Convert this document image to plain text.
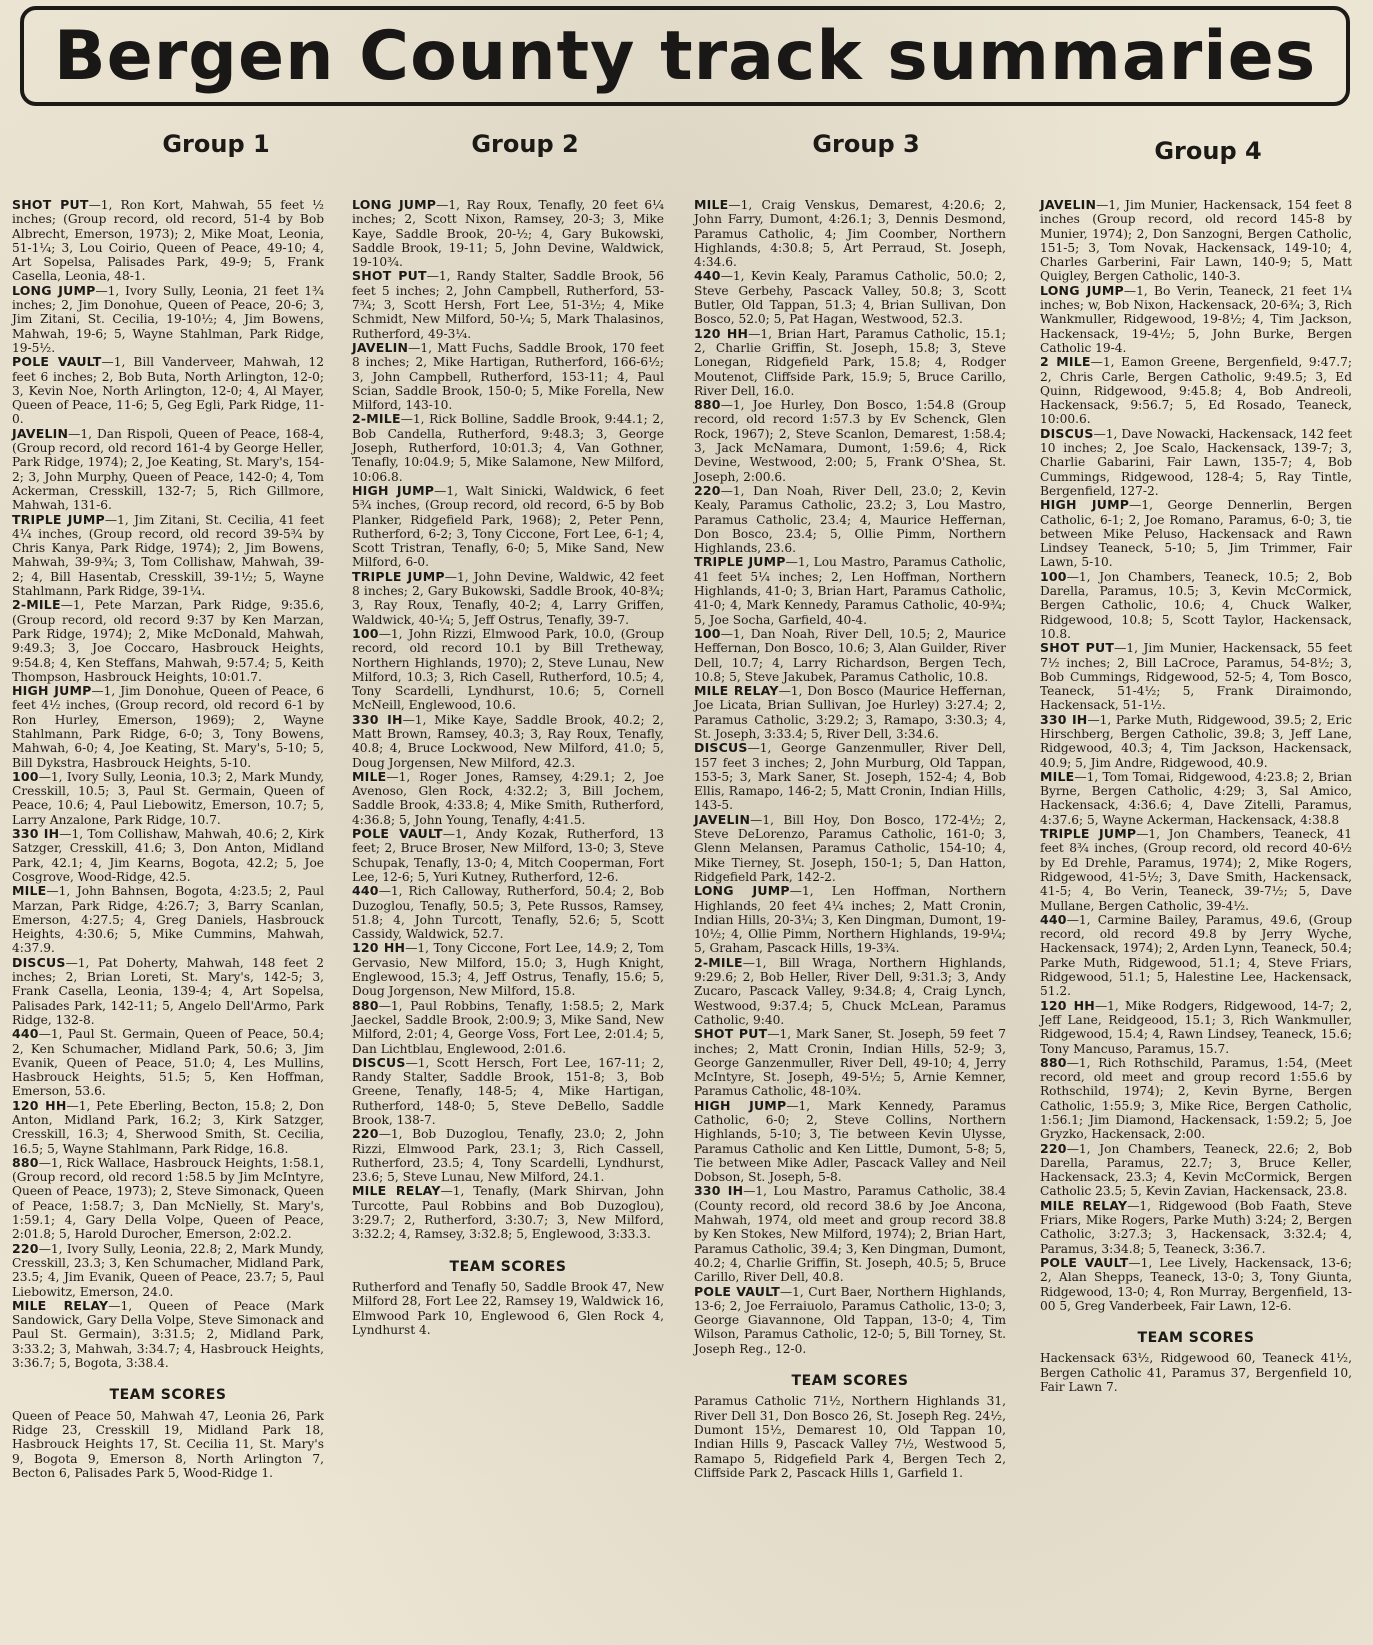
Bergen County track summaries
Group 1	Group 2	Group 3	Group 4

SHOT PUT—1, Ron Kort, Mahwah, 55 feet ½ inches; (Group record, old record, 51-4 by Bob Albrecht, Emerson, 1973); 2, Mike Moat, Leonia, 51-1¼; 3, Lou Coirio, Queen of Peace, 49-10; 4, Art Sopelsa, Palisades Park, 49-9; 5, Frank Casella, Leonia, 48-1.

LONG JUMP—1, Ivory Sully, Leonia, 21 feet 1¾ inches; 2, Jim Donohue, Queen of Peace, 20-6; 3, Jim Zitani, St. Cecilia, 19-10½; 4, Jim Bowens, Mahwah, 19-6; 5, Wayne Stahlman, Park Ridge, 19-5½.

POLE VAULT—1, Bill Vanderveer, Mahwah, 12 feet 6 inches; 2, Bob Buta, North Arlington, 12-0; 3, Kevin Noe, North Arlington, 12-0; 4, Al Mayer, Queen of Peace, 11-6; 5, Geg Egli, Park Ridge, 11-0.

JAVELIN—1, Dan Rispoli, Queen of Peace, 168-4, (Group record, old record 161-4 by George Heller, Park Ridge, 1974); 2, Joe Keating, St. Mary's, 154-2; 3, John Murphy, Queen of Peace, 142-0; 4, Tom Ackerman, Cresskill, 132-7; 5, Rich Gillmore, Mahwah, 131-6.

TRIPLE JUMP—1, Jim Zitani, St. Cecilia, 41 feet 4¼ inches, (Group record, old record 39-5¾ by Chris Kanya, Park Ridge, 1974); 2, Jim Bowens, Mahwah, 39-9¾; 3, Tom Collishaw, Mahwah, 39-2; 4, Bill Hasentab, Cresskill, 39-1½; 5, Wayne Stahlmann, Park Ridge, 39-1¼.

2-MILE—1, Pete Marzan, Park Ridge, 9:35.6, (Group record, old record 9:37 by Ken Marzan, Park Ridge, 1974); 2, Mike McDonald, Mahwah, 9:49.3; 3, Joe Coccaro, Hasbrouck Heights, 9:54.8; 4, Ken Steffans, Mahwah, 9:57.4; 5, Keith Thompson, Hasbrouck Heights, 10:01.7.

HIGH JUMP—1, Jim Donohue, Queen of Peace, 6 feet 4½ inches, (Group record, old record 6-1 by Ron Hurley, Emerson, 1969); 2, Wayne Stahlmann, Park Ridge, 6-0; 3, Tony Bowens, Mahwah, 6-0; 4, Joe Keating, St. Mary's, 5-10; 5, Bill Dykstra, Hasbrouck Heights, 5-10.

100—1, Ivory Sully, Leonia, 10.3; 2, Mark Mundy, Cresskill, 10.5; 3, Paul St. Germain, Queen of Peace, 10.6; 4, Paul Liebowitz, Emerson, 10.7; 5, Larry Anzalone, Park Ridge, 10.7.

330 IH—1, Tom Collishaw, Mahwah, 40.6; 2, Kirk Satzger, Cresskill, 41.6; 3, Don Anton, Midland Park, 42.1; 4, Jim Kearns, Bogota, 42.2; 5, Joe Cosgrove, Wood-Ridge, 42.5.

MILE—1, John Bahnsen, Bogota, 4:23.5; 2, Paul Marzan, Park Ridge, 4:26.7; 3, Barry Scanlan, Emerson, 4:27.5; 4, Greg Daniels, Hasbrouck Heights, 4:30.6; 5, Mike Cummins, Mahwah, 4:37.9.

DISCUS—1, Pat Doherty, Mahwah, 148 feet 2 inches; 2, Brian Loreti, St. Mary's, 142-5; 3, Frank Casella, Leonia, 139-4; 4, Art Sopelsa, Palisades Park, 142-11; 5, Angelo Dell'Armo, Park Ridge, 132-8.

440—1, Paul St. Germain, Queen of Peace, 50.4; 2, Ken Schumacher, Midland Park, 50.6; 3, Jim Evanik, Queen of Peace, 51.0; 4, Les Mullins, Hasbrouck Heights, 51.5; 5, Ken Hoffman, Emerson, 53.6.

120 HH—1, Pete Eberling, Becton, 15.8; 2, Don Anton, Midland Park, 16.2; 3, Kirk Satzger, Cresskill, 16.3; 4, Sherwood Smith, St. Cecilia, 16.5; 5, Wayne Stahlmann, Park Ridge, 16.8.

880—1, Rick Wallace, Hasbrouck Heights, 1:58.1, (Group record, old record 1:58.5 by Jim McIntyre, Queen of Peace, 1973); 2, Steve Simonack, Queen of Peace, 1:58.7; 3, Dan McNielly, St. Mary's, 1:59.1; 4, Gary Della Volpe, Queen of Peace, 2:01.8; 5, Harold Durocher, Emerson, 2:02.2.

220—1, Ivory Sully, Leonia, 22.8; 2, Mark Mundy, Cresskill, 23.3; 3, Ken Schumacher, Midland Park, 23.5; 4, Jim Evanik, Queen of Peace, 23.7; 5, Paul Liebowitz, Emerson, 24.0.

MILE RELAY—1, Queen of Peace (Mark Sandowick, Gary Della Volpe, Steve Simonack and Paul St. Germain), 3:31.5; 2, Midland Park, 3:33.2; 3, Mahwah, 3:34.7; 4, Hasbrouck Heights, 3:36.7; 5, Bogota, 3:38.4.

TEAM SCORES

Queen of Peace 50, Mahwah 47, Leonia 26, Park Ridge 23, Cresskill 19, Midland Park 18, Hasbrouck Heights 17, St. Cecilia 11, St. Mary's 9, Bogota 9, Emerson 8, North Arlington 7, Becton 6, Palisades Park 5, Wood-Ridge 1.

LONG JUMP—1, Ray Roux, Tenafly, 20 feet 6¼ inches; 2, Scott Nixon, Ramsey, 20-3; 3, Mike Kaye, Saddle Brook, 20-½; 4, Gary Bukowski, Saddle Brook, 19-11; 5, John Devine, Waldwick, 19-10¾.

SHOT PUT—1, Randy Stalter, Saddle Brook, 56 feet 5 inches; 2, John Campbell, Rutherford, 53-7¾; 3, Scott Hersh, Fort Lee, 51-3½; 4, Mike Schmidt, New Milford, 50-¼; 5, Mark Thalasinos, Rutherford, 49-3¼.

JAVELIN—1, Matt Fuchs, Saddle Brook, 170 feet 8 inches; 2, Mike Hartigan, Rutherford, 166-6½; 3, John Campbell, Rutherford, 153-11; 4, Paul Scian, Saddle Brook, 150-0; 5, Mike Forella, New Milford, 143-10.

2-MILE—1, Rick Bolline, Saddle Brook, 9:44.1; 2, Bob Candella, Rutherford, 9:48.3; 3, George Joseph, Rutherford, 10:01.3; 4, Van Gothner, Tenafly, 10:04.9; 5, Mike Salamone, New Milford, 10:06.8.

HIGH JUMP—1, Walt Sinicki, Waldwick, 6 feet 5¾ inches, (Group record, old record, 6-5 by Bob Planker, Ridgefield Park, 1968); 2, Peter Penn, Rutherford, 6-2; 3, Tony Ciccone, Fort Lee, 6-1; 4, Scott Tristran, Tenafly, 6-0; 5, Mike Sand, New Milford, 6-0.

TRIPLE JUMP—1, John Devine, Waldwic, 42 feet 8 inches; 2, Gary Bukowski, Saddle Brook, 40-8¾; 3, Ray Roux, Tenafly, 40-2; 4, Larry Griffen, Waldwick, 40-¼; 5, Jeff Ostrus, Tenafly, 39-7.

100—1, John Rizzi, Elmwood Park, 10.0, (Group record, old record 10.1 by Bill Tretheway, Northern Highlands, 1970); 2, Steve Lunau, New Milford, 10.3; 3, Rich Casell, Rutherford, 10.5; 4, Tony Scardelli, Lyndhurst, 10.6; 5, Cornell McNeill, Englewood, 10.6.

330 IH—1, Mike Kaye, Saddle Brook, 40.2; 2, Matt Brown, Ramsey, 40.3; 3, Ray Roux, Tenafly, 40.8; 4, Bruce Lockwood, New Milford, 41.0; 5, Doug Jorgensen, New Milford, 42.3.

MILE—1, Roger Jones, Ramsey, 4:29.1; 2, Joe Avenoso, Glen Rock, 4:32.2; 3, Bill Jochem, Saddle Brook, 4:33.8; 4, Mike Smith, Rutherford, 4:36.8; 5, John Young, Tenafly, 4:41.5.

POLE VAULT—1, Andy Kozak, Rutherford, 13 feet; 2, Bruce Broser, New Milford, 13-0; 3, Steve Schupak, Tenafly, 13-0; 4, Mitch Cooperman, Fort Lee, 12-6; 5, Yuri Kutney, Rutherford, 12-6.

440—1, Rich Calloway, Rutherford, 50.4; 2, Bob Duzoglou, Tenafly, 50.5; 3, Pete Russos, Ramsey, 51.8; 4, John Turcott, Tenafly, 52.6; 5, Scott Cassidy, Waldwick, 52.7.

120 HH—1, Tony Ciccone, Fort Lee, 14.9; 2, Tom Gervasio, New Milford, 15.0; 3, Hugh Knight, Englewood, 15.3; 4, Jeff Ostrus, Tenafly, 15.6; 5, Doug Jorgenson, New Milford, 15.8.

880—1, Paul Robbins, Tenafly, 1:58.5; 2, Mark Jaeckel, Saddle Brook, 2:00.9; 3, Mike Sand, New Milford, 2:01; 4, George Voss, Fort Lee, 2:01.4; 5, Dan Lichtblau, Englewood, 2:01.6.

DISCUS—1, Scott Hersch, Fort Lee, 167-11; 2, Randy Stalter, Saddle Brook, 151-8; 3, Bob Greene, Tenafly, 148-5; 4, Mike Hartigan, Rutherford, 148-0; 5, Steve DeBello, Saddle Brook, 138-7.

220—1, Bob Duzoglou, Tenafly, 23.0; 2, John Rizzi, Elmwood Park, 23.1; 3, Rich Cassell, Rutherford, 23.5; 4, Tony Scardelli, Lyndhurst, 23.6; 5, Steve Lunau, New Milford, 24.1.

MILE RELAY—1, Tenafly, (Mark Shirvan, John Turcotte, Paul Robbins and Bob Duzoglou), 3:29.7; 2, Rutherford, 3:30.7; 3, New Milford, 3:32.2; 4, Ramsey, 3:32.8; 5, Englewood, 3:33.3.

TEAM SCORES

Rutherford and Tenafly 50, Saddle Brook 47, New Milford 28, Fort Lee 22, Ramsey 19, Waldwick 16, Elmwood Park 10, Englewood 6, Glen Rock 4, Lyndhurst 4.

MILE—1, Craig Venskus, Demarest, 4:20.6; 2, John Farry, Dumont, 4:26.1; 3, Dennis Desmond, Paramus Catholic, 4; Jim Coomber, Northern Highlands, 4:30.8; 5, Art Perraud, St. Joseph, 4:34.6.

440—1, Kevin Kealy, Paramus Catholic, 50.0; 2, Steve Gerbehy, Pascack Valley, 50.8; 3, Scott Butler, Old Tappan, 51.3; 4, Brian Sullivan, Don Bosco, 52.0; 5, Pat Hagan, Westwood, 52.3.

120 HH—1, Brian Hart, Paramus Catholic, 15.1; 2, Charlie Griffin, St. Joseph, 15.8; 3, Steve Lonegan, Ridgefield Park, 15.8; 4, Rodger Moutenot, Cliffside Park, 15.9; 5, Bruce Carillo, River Dell, 16.0.

880—1, Joe Hurley, Don Bosco, 1:54.8 (Group record, old record 1:57.3 by Ev Schenck, Glen Rock, 1967); 2, Steve Scanlon, Demarest, 1:58.4; 3, Jack McNamara, Dumont, 1:59.6; 4, Rick Devine, Westwood, 2:00; 5, Frank O'Shea, St. Joseph, 2:00.6.

220—1, Dan Noah, River Dell, 23.0; 2, Kevin Kealy, Paramus Catholic, 23.2; 3, Lou Mastro, Paramus Catholic, 23.4; 4, Maurice Heffernan, Don Bosco, 23.4; 5, Ollie Pimm, Northern Highlands, 23.6.

TRIPLE JUMP—1, Lou Mastro, Paramus Catholic, 41 feet 5¼ inches; 2, Len Hoffman, Northern Highlands, 41-0; 3, Brian Hart, Paramus Catholic, 41-0; 4, Mark Kennedy, Paramus Catholic, 40-9¾; 5, Joe Socha, Garfield, 40-4.

100—1, Dan Noah, River Dell, 10.5; 2, Maurice Heffernan, Don Bosco, 10.6; 3, Alan Guilder, River Dell, 10.7; 4, Larry Richardson, Bergen Tech, 10.8; 5, Steve Jakubek, Paramus Catholic, 10.8.

MILE RELAY—1, Don Bosco (Maurice Heffernan, Joe Licata, Brian Sullivan, Joe Hurley) 3:27.4; 2, Paramus Catholic, 3:29.2; 3, Ramapo, 3:30.3; 4, St. Joseph, 3:33.4; 5, River Dell, 3:34.6.

DISCUS—1, George Ganzenmuller, River Dell, 157 feet 3 inches; 2, John Murburg, Old Tappan, 153-5; 3, Mark Saner, St. Joseph, 152-4; 4, Bob Ellis, Ramapo, 146-2; 5, Matt Cronin, Indian Hills, 143-5.

JAVELIN—1, Bill Hoy, Don Bosco, 172-4½; 2, Steve DeLorenzo, Paramus Catholic, 161-0; 3, Glenn Melansen, Paramus Catholic, 154-10; 4, Mike Tierney, St. Joseph, 150-1; 5, Dan Hatton, Ridgefield Park, 142-2.

LONG JUMP—1, Len Hoffman, Northern Highlands, 20 feet 4¼ inches; 2, Matt Cronin, Indian Hills, 20-3¼; 3, Ken Dingman, Dumont, 19-10½; 4, Ollie Pimm, Northern Highlands, 19-9¼; 5, Graham, Pascack Hills, 19-3¾.

2-MILE—1, Bill Wraga, Northern Highlands, 9:29.6; 2, Bob Heller, River Dell, 9:31.3; 3, Andy Zucaro, Pascack Valley, 9:34.8; 4, Craig Lynch, Westwood, 9:37.4; 5, Chuck McLean, Paramus Catholic, 9:40.

SHOT PUT—1, Mark Saner, St. Joseph, 59 feet 7 inches; 2, Matt Cronin, Indian Hills, 52-9; 3, George Ganzenmuller, River Dell, 49-10; 4, Jerry McIntyre, St. Joseph, 49-5½; 5, Arnie Kemner, Paramus Catholic, 48-10¾.

HIGH JUMP—1, Mark Kennedy, Paramus Catholic, 6-0; 2, Steve Collins, Northern Highlands, 5-10; 3, Tie between Kevin Ulysse, Paramus Catholic and Ken Little, Dumont, 5-8; 5, Tie between Mike Adler, Pascack Valley and Neil Dobson, St. Joseph, 5-8.

330 IH—1, Lou Mastro, Paramus Catholic, 38.4 (County record, old record 38.6 by Joe Ancona, Mahwah, 1974, old meet and group record 38.8 by Ken Stokes, New Milford, 1974); 2, Brian Hart, Paramus Catholic, 39.4; 3, Ken Dingman, Dumont, 40.2; 4, Charlie Griffin, St. Joseph, 40.5; 5, Bruce Carillo, River Dell, 40.8.

POLE VAULT—1, Curt Baer, Northern Highlands, 13-6; 2, Joe Ferraiuolo, Paramus Catholic, 13-0; 3, George Giavannone, Old Tappan, 13-0; 4, Tim Wilson, Paramus Catholic, 12-0; 5, Bill Torney, St. Joseph Reg., 12-0.

TEAM SCORES

Paramus Catholic 71½, Northern Highlands 31, River Dell 31, Don Bosco 26, St. Joseph Reg. 24½, Dumont 15½, Demarest 10, Old Tappan 10, Indian Hills 9, Pascack Valley 7½, Westwood 5, Ramapo 5, Ridgefield Park 4, Bergen Tech 2, Cliffside Park 2, Pascack Hills 1, Garfield 1.

JAVELIN—1, Jim Munier, Hackensack, 154 feet 8 inches (Group record, old record 145-8 by Munier, 1974); 2, Don Sanzogni, Bergen Catholic, 151-5; 3, Tom Novak, Hackensack, 149-10; 4, Charles Garberini, Fair Lawn, 140-9; 5, Matt Quigley, Bergen Catholic, 140-3.

LONG JUMP—1, Bo Verin, Teaneck, 21 feet 1¼ inches; w, Bob Nixon, Hackensack, 20-6¾; 3, Rich Wankmuller, Ridgewood, 19-8½; 4, Tim Jackson, Hackensack, 19-4½; 5, John Burke, Bergen Catholic 19-4.

2 MILE—1, Eamon Greene, Bergenfield, 9:47.7; 2, Chris Carle, Bergen Catholic, 9:49.5; 3, Ed Quinn, Ridgewood, 9:45.8; 4, Bob Andreoli, Hackensack, 9:56.7; 5, Ed Rosado, Teaneck, 10:00.6.

DISCUS—1, Dave Nowacki, Hackensack, 142 feet 10 inches; 2, Joe Scalo, Hackensack, 139-7; 3, Charlie Gabarini, Fair Lawn, 135-7; 4, Bob Cummings, Ridgewood, 128-4; 5, Ray Tintle, Bergenfield, 127-2.

HIGH JUMP—1, George Dennerlin, Bergen Catholic, 6-1; 2, Joe Romano, Paramus, 6-0; 3, tie between Mike Peluso, Hackensack and Rawn Lindsey Teaneck, 5-10; 5, Jim Trimmer, Fair Lawn, 5-10.

100—1, Jon Chambers, Teaneck, 10.5; 2, Bob Darella, Paramus, 10.5; 3, Kevin McCormick, Bergen Catholic, 10.6; 4, Chuck Walker, Ridgewood, 10.8; 5, Scott Taylor, Hackensack, 10.8.

SHOT PUT—1, Jim Munier, Hackensack, 55 feet 7½ inches; 2, Bill LaCroce, Paramus, 54-8½; 3, Bob Cummings, Ridgewood, 52-5; 4, Tom Bosco, Teaneck, 51-4½; 5, Frank Diraimondo, Hackensack, 51-1½.

330 IH—1, Parke Muth, Ridgewood, 39.5; 2, Eric Hirschberg, Bergen Catholic, 39.8; 3, Jeff Lane, Ridgewood, 40.3; 4, Tim Jackson, Hackensack, 40.9; 5, Jim Andre, Ridgewood, 40.9.

MILE—1, Tom Tomai, Ridgewood, 4:23.8; 2, Brian Byrne, Bergen Catholic, 4:29; 3, Sal Amico, Hackensack, 4:36.6; 4, Dave Zitelli, Paramus, 4:37.6; 5, Wayne Ackerman, Hackensack, 4:38.8

TRIPLE JUMP—1, Jon Chambers, Teaneck, 41 feet 8¾ inches, (Group record, old record 40-6½ by Ed Drehle, Paramus, 1974); 2, Mike Rogers, Ridgewood, 41-5½; 3, Dave Smith, Hackensack, 41-5; 4, Bo Verin, Teaneck, 39-7½; 5, Dave Mullane, Bergen Catholic, 39-4½.

440—1, Carmine Bailey, Paramus, 49.6, (Group record, old record 49.8 by Jerry Wyche, Hackensack, 1974); 2, Arden Lynn, Teaneck, 50.4; Parke Muth, Ridgewood, 51.1; 4, Steve Friars, Ridgewood, 51.1; 5, Halestine Lee, Hackensack, 51.2.

120 HH—1, Mike Rodgers, Ridgewood, 14-7; 2, Jeff Lane, Reidgeood, 15.1; 3, Rich Wankmuller, Ridgewood, 15.4; 4, Rawn Lindsey, Teaneck, 15.6; Tony Mancuso, Paramus, 15.7.

880—1, Rich Rothschild, Paramus, 1:54, (Meet record, old meet and group record 1:55.6 by Rothschild, 1974); 2, Kevin Byrne, Bergen Catholic, 1:55.9; 3, Mike Rice, Bergen Catholic, 1:56.1; Jim Diamond, Hackensack, 1:59.2; 5, Joe Gryzko, Hackensack, 2:00.

220—1, Jon Chambers, Teaneck, 22.6; 2, Bob Darella, Paramus, 22.7; 3, Bruce Keller, Hackensack, 23.3; 4, Kevin McCormick, Bergen Catholic 23.5; 5, Kevin Zavian, Hackensack, 23.8.

MILE RELAY—1, Ridgewood (Bob Faath, Steve Friars, Mike Rogers, Parke Muth) 3:24; 2, Bergen Catholic, 3:27.3; 3, Hackensack, 3:32.4; 4, Paramus, 3:34.8; 5, Teaneck, 3:36.7.

POLE VAULT—1, Lee Lively, Hackensack, 13-6; 2, Alan Shepps, Teaneck, 13-0; 3, Tony Giunta, Ridgewood, 13-0; 4, Ron Murray, Bergenfield, 13-00 5, Greg Vanderbeek, Fair Lawn, 12-6.

TEAM SCORES

Hackensack 63½, Ridgewood 60, Teaneck 41½, Bergen Catholic 41, Paramus 37, Bergenfield 10, Fair Lawn 7.
